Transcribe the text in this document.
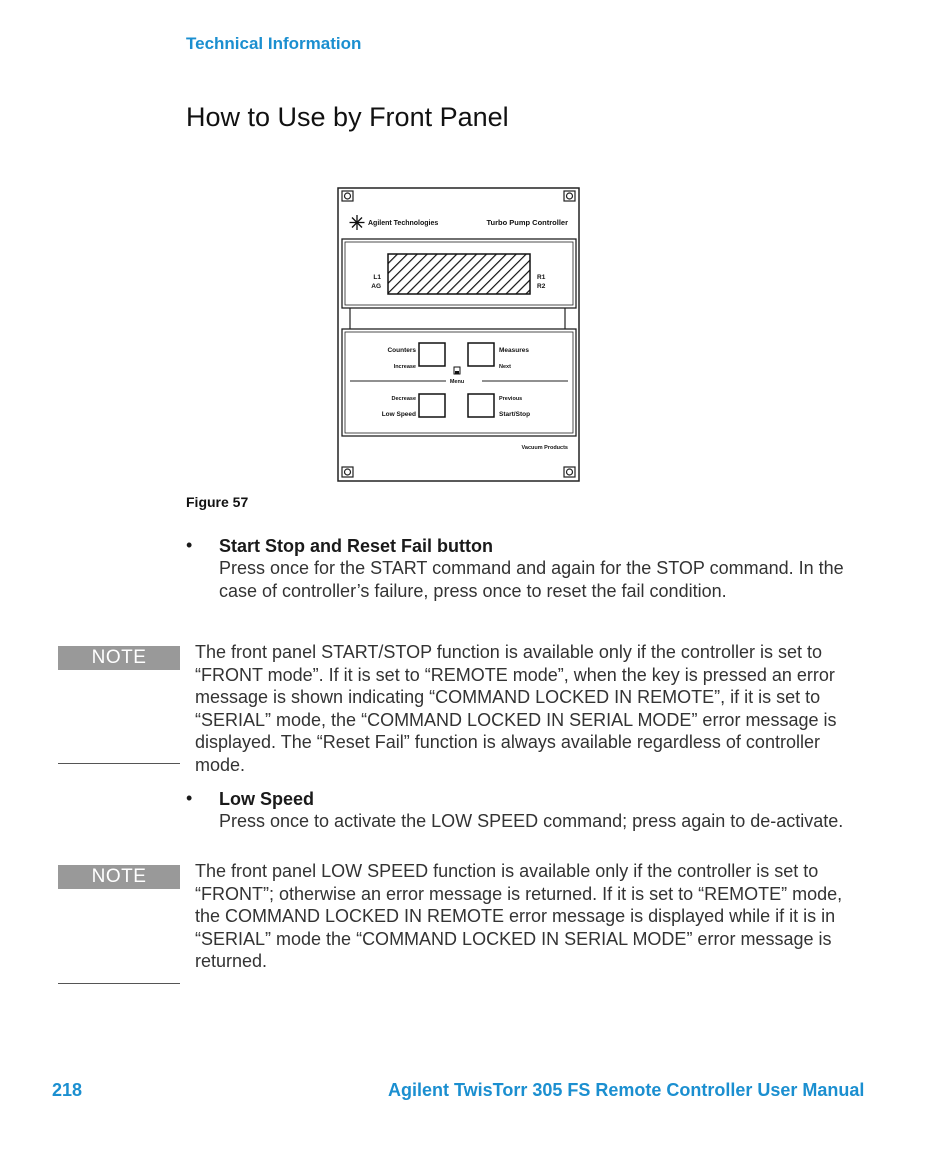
Technical Information
How to Use by Front Panel
Agilent Technologies	Turbo Pump Controller
L1
AG
R1
R2
Counters
Increase
Measures
Next
Menu
Decrease
Low Speed
Previous
Start/Stop
Vacuum Products
Figure 57
• Start Stop and Reset Fail button
Press once for the START command and again for the STOP command. In the case of controller’s failure, press once to reset the fail condition.
NOTE	The front panel START/STOP function is available only if the controller is set to “FRONT mode”. If it is set to “REMOTE mode”, when the key is pressed an error message is shown indicating “COMMAND LOCKED IN REMOTE”, if it is set to “SERIAL” mode, the “COMMAND LOCKED IN SERIAL MODE” error message is displayed. The “Reset Fail” function is always available regardless of controller mode.
• Low Speed
Press once to activate the LOW SPEED command; press again to de-activate.
NOTE	The front panel LOW SPEED function is available only if the controller is set to “FRONT”; otherwise an error message is returned. If it is set to “REMOTE” mode, the COMMAND LOCKED IN REMOTE error message is displayed while if it is in “SERIAL” mode the “COMMAND LOCKED IN SERIAL MODE” error message is returned.
218	Agilent TwisTorr 305 FS Remote Controller User Manual
